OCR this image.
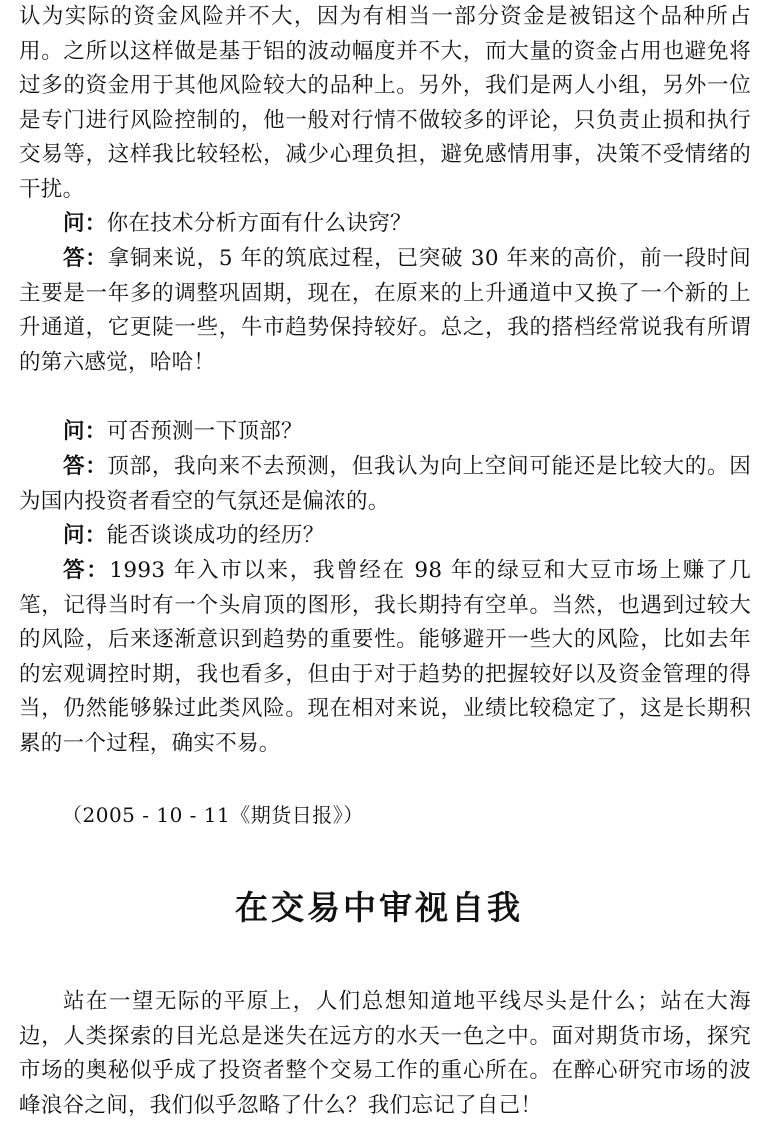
认为实际的资金风险并不大，因为有相当一部分资金是被铝这个品种所占用。之所以这样做是基于铝的波动幅度并不大，而大量的资金占用也避免将过多的资金用于其他风险较大的品种上。另外，我们是两人小组，另外一位是专门进行风险控制的，他一般对行情不做较多的评论，只负责止损和执行交易等，这样我比较轻松，减少心理负担，避免感情用事，决策不受情绪的干扰。

问：你在技术分析方面有什么诀窍？

答：拿铜来说，5 年的筑底过程，已突破 30 年来的高价，前一段时间主要是一年多的调整巩固期，现在，在原来的上升通道中又换了一个新的上升通道，它更陡一些，牛市趋势保持较好。总之，我的搭档经常说我有所谓的第六感觉，哈哈！

问：可否预测一下顶部？

答：顶部，我向来不去预测，但我认为向上空间可能还是比较大的。因为国内投资者看空的气氛还是偏浓的。

问：能否谈谈成功的经历？

答：1993 年入市以来，我曾经在 98 年的绿豆和大豆市场上赚了几笔，记得当时有一个头肩顶的图形，我长期持有空单。当然，也遇到过较大的风险，后来逐渐意识到趋势的重要性。能够避开一些大的风险，比如去年的宏观调控时期，我也看多，但由于对于趋势的把握较好以及资金管理的得当，仍然能够躲过此类风险。现在相对来说，业绩比较稳定了，这是长期积累的一个过程，确实不易。

（2005 - 10 - 11《期货日报》）

在交易中审视自我

站在一望无际的平原上，人们总想知道地平线尽头是什么；站在大海边，人类探索的目光总是迷失在远方的水天一色之中。面对期货市场，探究市场的奥秘似乎成了投资者整个交易工作的重心所在。在醉心研究市场的波峰浪谷之间，我们似乎忽略了什么？我们忘记了自己！
